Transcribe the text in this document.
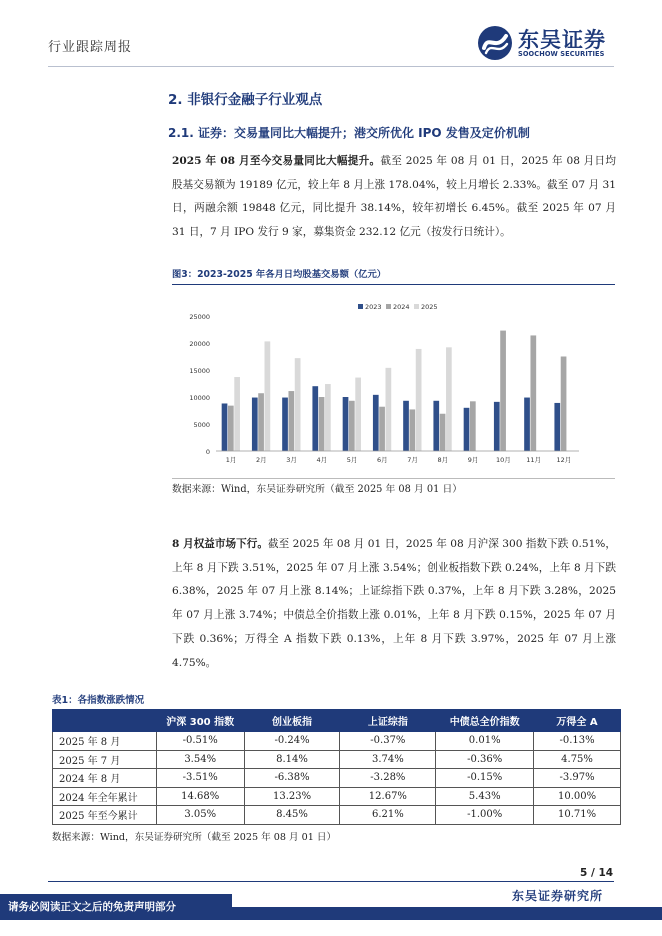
行业跟踪周报	东吴证券
SOOCHOW SECURITIES
2. 非银行金融子行业观点
2.1. 证券：交易量同比大幅提升；港交所优化 IPO 发售及定价机制
2025 年 08 月至今交易量同比大幅提升。截至 2025 年 08 月 01 日，2025 年 08 月日均股基交易额为 19189 亿元，较上年 8 月上涨 178.04%，较上月增长 2.33%。截至 07 月 31 日，两融余额 19848 亿元，同比提升 38.14%，较年初增长 6.45%。截至 2025 年 07 月 31 日，7 月 IPO 发行 9 家，募集资金 232.12 亿元（按发行日统计）。
图3：2023-2025 年各月日均股基交易额（亿元）
0
5000
10000
15000
20000
25000
1月	2月	3月	4月	5月	6月	7月	8月	9月	10月 11月 12月
2023 2024 2025
数据来源：Wind，东吴证券研究所（截至 2025 年 08 月 01 日）
8 月权益市场下行。截至 2025 年 08 月 01 日，2025 年 08 月沪深 300 指数下跌 0.51%，上年 8 月下跌 3.51%，2025 年 07 月上涨 3.54%；创业板指数下跌 0.24%，上年 8 月下跌 6.38%，2025 年 07 月上涨 8.14%；上证综指下跌 0.37%，上年 8 月下跌 3.28%，2025 年 07 月上涨 3.74%；中债总全价指数上涨 0.01%，上年 8 月下跌 0.15%，2025 年 07 月下跌 0.36%；万得全 A 指数下跌 0.13%，上年 8 月下跌 3.97%，2025 年 07 月上涨 4.75%。
表1：各指数涨跌情况
	沪深 300 指数	创业板指	上证综指	中债总全价指数	万得全 A
2025 年 8 月	-0.51%	-0.24%	-0.37%	0.01%	-0.13%
2025 年 7 月	3.54%	8.14%	3.74%	-0.36%	4.75%
2024 年 8 月	-3.51%	-6.38%	-3.28%	-0.15%	-3.97%
2024 年全年累计	14.68%	13.23%	12.67%	5.43%	10.00%
2025 年至今累计	3.05%	8.45%	6.21%	-1.00%	10.71%
数据来源：Wind，东吴证券研究所（截至 2025 年 08 月 01 日）
5 / 14
请务必阅读正文之后的免责声明部分
东吴证券研究所
